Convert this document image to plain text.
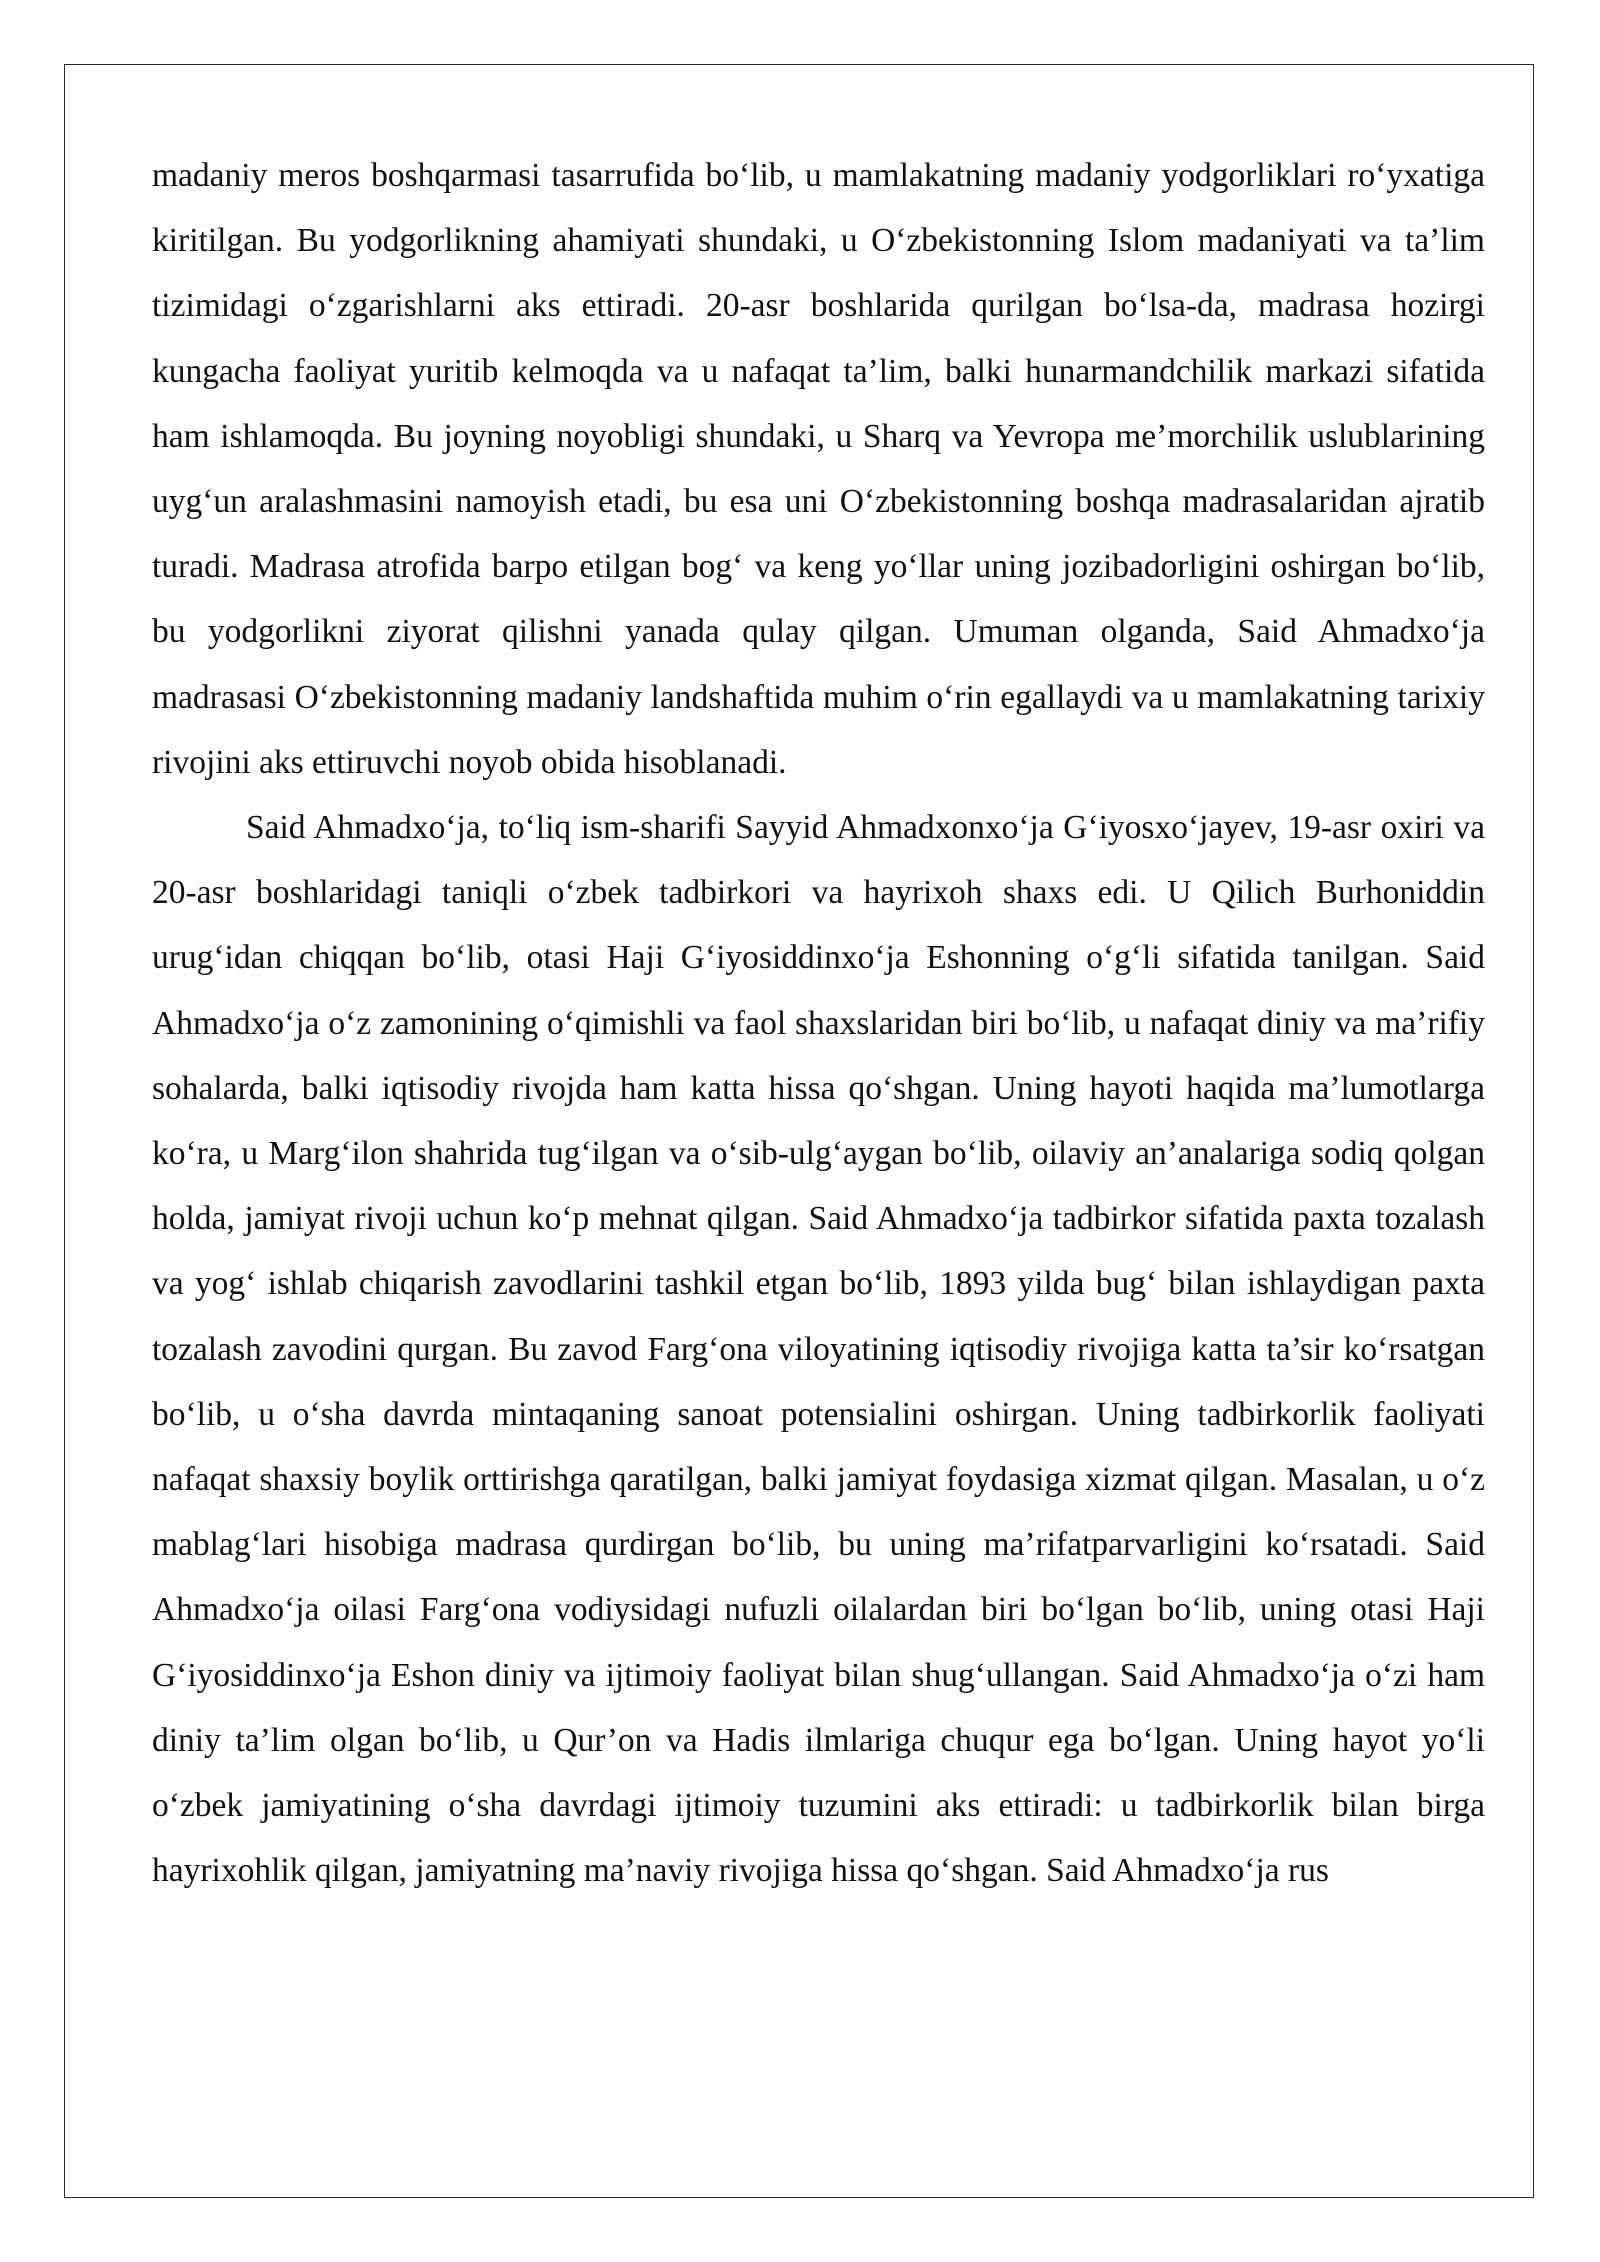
madaniy meros boshqarmasi tasarrufida bo‘lib, u mamlakatning madaniy yodgorliklari ro‘yxatiga kiritilgan. Bu yodgorlikning ahamiyati shundaki, u O‘zbekistonning Islom madaniyati va ta’lim tizimidagi o‘zgarishlarni aks ettiradi. 20-asr boshlarida qurilgan bo‘lsa-da, madrasa hozirgi kungacha faoliyat yuritib kelmoqda va u nafaqat ta’lim, balki hunarmandchilik markazi sifatida ham ishlamoqda. Bu joyning noyobligi shundaki, u Sharq va Yevropa me’morchilik uslublarining uyg‘un aralashmasini namoyish etadi, bu esa uni O‘zbekistonning boshqa madrasalaridan ajratib turadi. Madrasa atrofida barpo etilgan bog‘ va keng yo‘llar uning jozibadorligini oshirgan bo‘lib, bu yodgorlikni ziyorat qilishni yanada qulay qilgan. Umuman olganda, Said Ahmadxo‘ja madrasasi O‘zbekistonning madaniy landshaftida muhim o‘rin egallaydi va u mamlakatning tarixiy rivojini aks ettiruvchi noyob obida hisoblanadi.

Said Ahmadxo‘ja, to‘liq ism-sharifi Sayyid Ahmadxonxo‘ja G‘iyosxo‘jayev, 19-asr oxiri va 20-asr boshlaridagi taniqli o‘zbek tadbirkori va hayrixoh shaxs edi. U Qilich Burhoniddin urug‘idan chiqqan bo‘lib, otasi Haji G‘iyosiddinxo‘ja Eshonning o‘g‘li sifatida tanilgan. Said Ahmadxo‘ja o‘z zamonining o‘qimishli va faol shaxslaridan biri bo‘lib, u nafaqat diniy va ma’rifiy sohalarda, balki iqtisodiy rivojda ham katta hissa qo‘shgan. Uning hayoti haqida ma’lumotlarga ko‘ra, u Marg‘ilon shahrida tug‘ilgan va o‘sib-ulg‘aygan bo‘lib, oilaviy an’analariga sodiq qolgan holda, jamiyat rivoji uchun ko‘p mehnat qilgan. Said Ahmadxo‘ja tadbirkor sifatida paxta tozalash va yog‘ ishlab chiqarish zavodlarini tashkil etgan bo‘lib, 1893 yilda bug‘ bilan ishlaydigan paxta tozalash zavodini qurgan. Bu zavod Farg‘ona viloyatining iqtisodiy rivojiga katta ta’sir ko‘rsatgan bo‘lib, u o‘sha davrda mintaqaning sanoat potensialini oshirgan. Uning tadbirkorlik faoliyati nafaqat shaxsiy boylik orttirishga qaratilgan, balki jamiyat foydasiga xizmat qilgan. Masalan, u o‘z mablag‘lari hisobiga madrasa qurdirgan bo‘lib, bu uning ma’rifatparvarligini ko‘rsatadi. Said Ahmadxo‘ja oilasi Farg‘ona vodiysidagi nufuzli oilalardan biri bo‘lgan bo‘lib, uning otasi Haji G‘iyosiddinxo‘ja Eshon diniy va ijtimoiy faoliyat bilan shug‘ullangan. Said Ahmadxo‘ja o‘zi ham diniy ta’lim olgan bo‘lib, u Qur’on va Hadis ilmlariga chuqur ega bo‘lgan. Uning hayot yo‘li o‘zbek jamiyatining o‘sha davrdagi ijtimoiy tuzumini aks ettiradi: u tadbirkorlik bilan birga hayrixohlik qilgan, jamiyatning ma’naviy rivojiga hissa qo‘shgan. Said Ahmadxo‘ja rus
